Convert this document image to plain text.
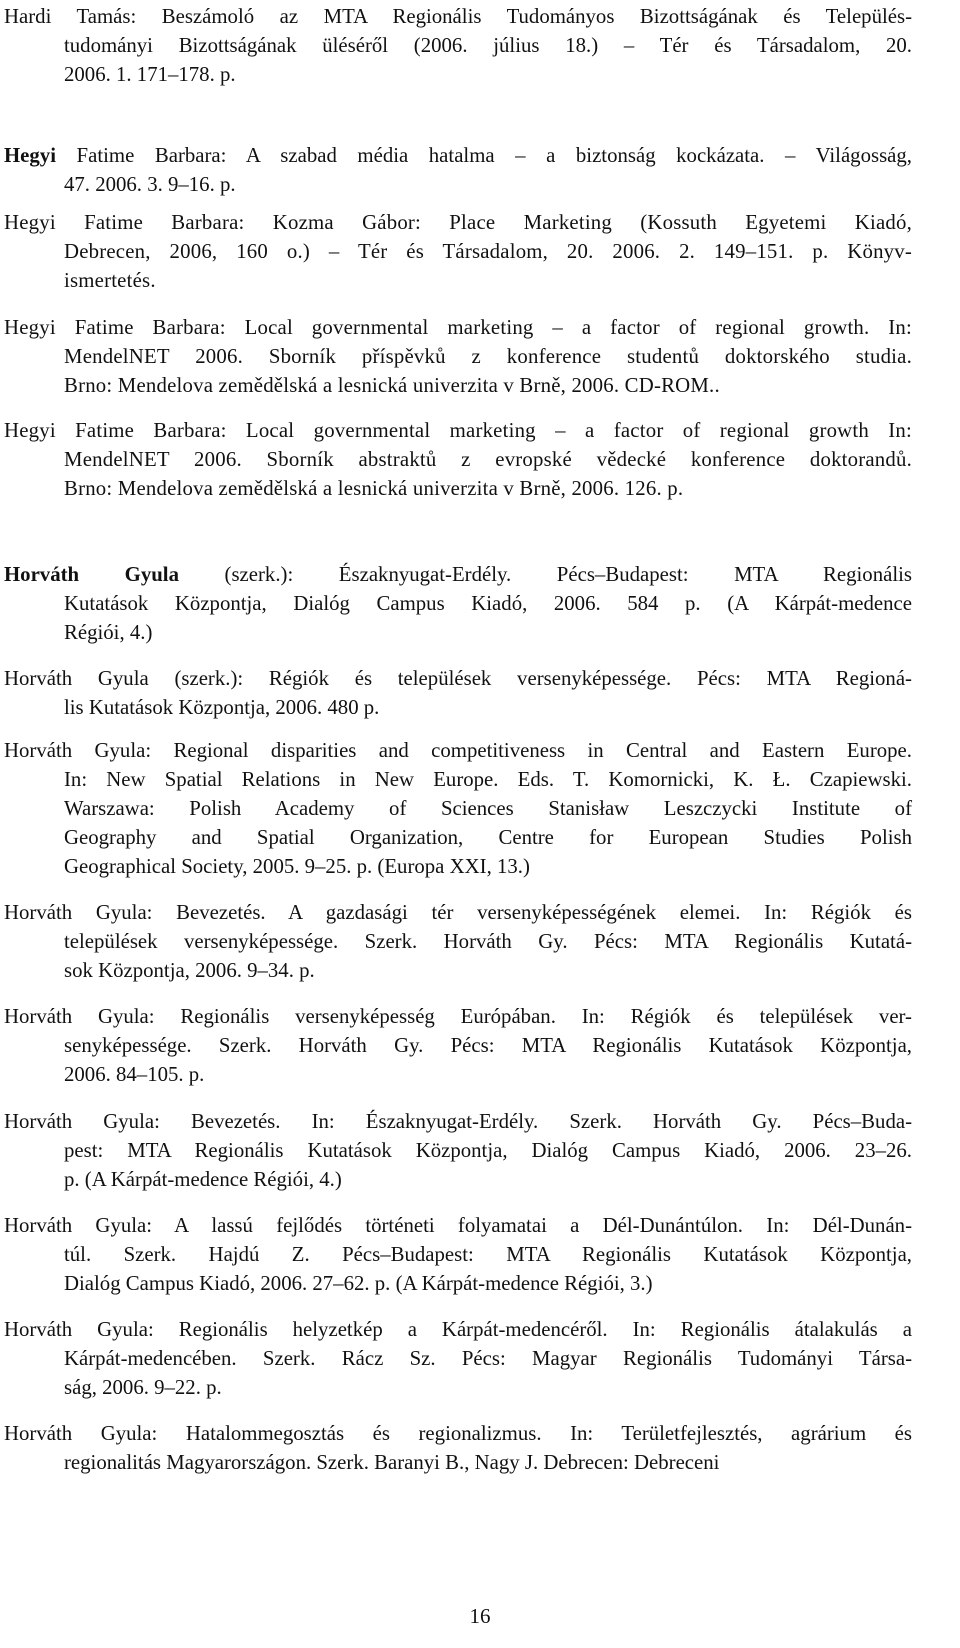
Hardi Tamás: Beszámoló az MTA Regionális Tudományos Bizottságának és Település-
tudományi Bizottságának üléséről (2006. július 18.) – Tér és Társadalom, 20.
2006. 1. 171–178. p.
Hegyi Fatime Barbara: A szabad média hatalma – a biztonság kockázata. – Világosság,
47. 2006. 3. 9–16. p.
Hegyi Fatime Barbara: Kozma Gábor: Place Marketing (Kossuth Egyetemi Kiadó,
Debrecen, 2006, 160 o.) – Tér és Társadalom, 20. 2006. 2. 149–151. p. Könyv-
ismertetés.
Hegyi Fatime Barbara: Local governmental marketing – a factor of regional growth. In:
MendelNET 2006. Sborník příspěvků z konference studentů doktorského studia.
Brno: Mendelova zemědělská a lesnická univerzita v Brně, 2006. CD-ROM..
Hegyi Fatime Barbara: Local governmental marketing – a factor of regional growth In:
MendelNET 2006. Sborník abstraktů z evropské vědecké konference doktorandů.
Brno: Mendelova zemědělská a lesnická univerzita v Brně, 2006. 126. p.
Horváth Gyula (szerk.): Északnyugat-Erdély. Pécs–Budapest: MTA Regionális
Kutatások Központja, Dialóg Campus Kiadó, 2006. 584 p. (A Kárpát-medence
Régiói, 4.)
Horváth Gyula (szerk.): Régiók és települések versenyképessége. Pécs: MTA Regioná-
lis Kutatások Központja, 2006. 480 p.
Horváth Gyula: Regional disparities and competitiveness in Central and Eastern Europe.
In: New Spatial Relations in New Europe. Eds. T. Komornicki, K. Ł. Czapiewski.
Warszawa: Polish Academy of Sciences Stanisław Leszczycki Institute of
Geography and Spatial Organization, Centre for European Studies Polish
Geographical Society, 2005. 9–25. p. (Europa XXI, 13.)
Horváth Gyula: Bevezetés. A gazdasági tér versenyképességének elemei. In: Régiók és
települések versenyképessége. Szerk. Horváth Gy. Pécs: MTA Regionális Kutatá-
sok Központja, 2006. 9–34. p.
Horváth Gyula: Regionális versenyképesség Európában. In: Régiók és települések ver-
senyképessége. Szerk. Horváth Gy. Pécs: MTA Regionális Kutatások Központja,
2006. 84–105. p.
Horváth Gyula: Bevezetés. In: Északnyugat-Erdély. Szerk. Horváth Gy. Pécs–Buda-
pest: MTA Regionális Kutatások Központja, Dialóg Campus Kiadó, 2006. 23–26.
p. (A Kárpát-medence Régiói, 4.)
Horváth Gyula: A lassú fejlődés történeti folyamatai a Dél-Dunántúlon. In: Dél-Dunán-
túl. Szerk. Hajdú Z. Pécs–Budapest: MTA Regionális Kutatások Központja,
Dialóg Campus Kiadó, 2006. 27–62. p. (A Kárpát-medence Régiói, 3.)
Horváth Gyula: Regionális helyzetkép a Kárpát-medencéről. In: Regionális átalakulás a
Kárpát-medencében. Szerk. Rácz Sz. Pécs: Magyar Regionális Tudományi Társa-
ság, 2006. 9–22. p.
Horváth Gyula: Hatalommegosztás és regionalizmus. In: Területfejlesztés, agrárium és
regionalitás Magyarországon. Szerk. Baranyi B., Nagy J. Debrecen: Debreceni
16
